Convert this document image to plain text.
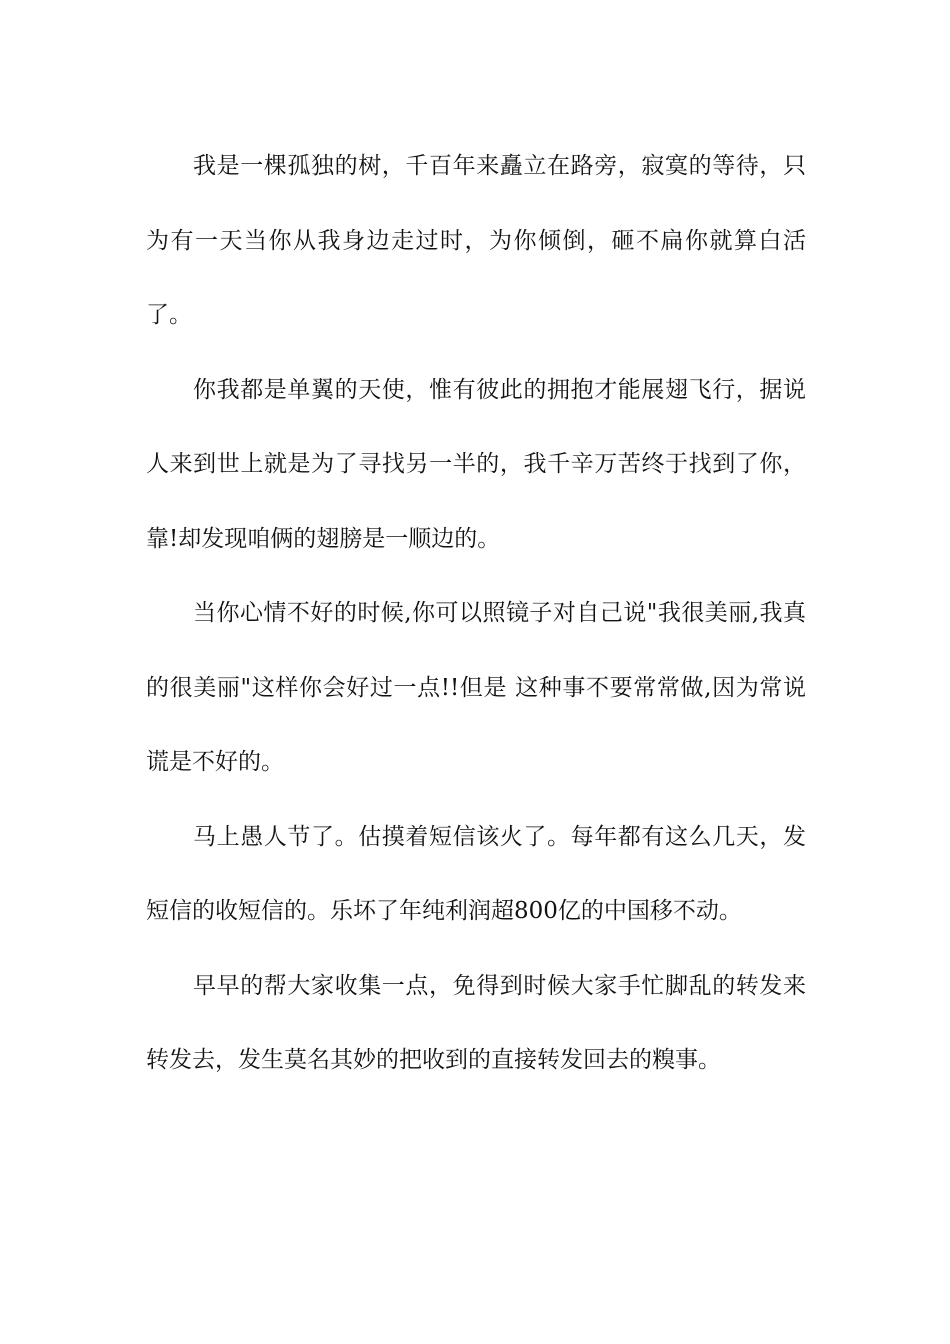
我是一棵孤独的树，千百年来矗立在路旁，寂寞的等待，只为有一天当你从我身边走过时，为你倾倒，砸不扁你就算白活了。

你我都是单翼的天使，惟有彼此的拥抱才能展翅飞行，据说人来到世上就是为了寻找另一半的，我千辛万苦终于找到了你，靠!却发现咱俩的翅膀是一顺边的。

当你心情不好的时候,你可以照镜子对自己说"我很美丽,我真的很美丽"这样你会好过一点!!但是 这种事不要常常做,因为常说谎是不好的。

马上愚人节了。估摸着短信该火了。每年都有这么几天，发短信的收短信的。乐坏了年纯利润超800亿的中国移不动。

早早的帮大家收集一点，免得到时候大家手忙脚乱的转发来转发去，发生莫名其妙的把收到的直接转发回去的糗事。
